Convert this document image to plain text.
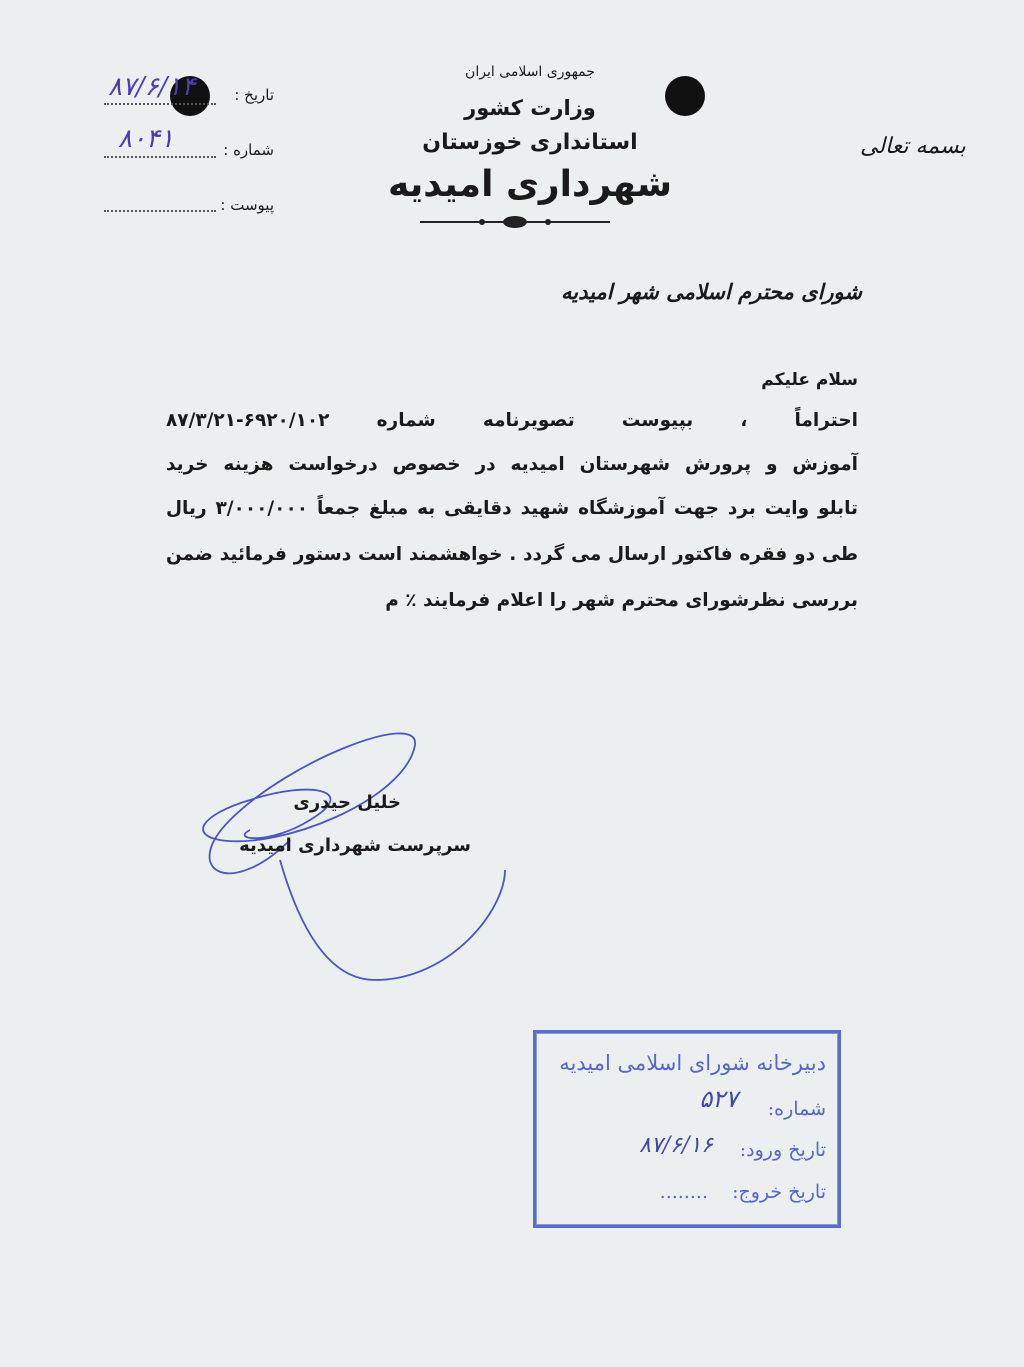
جمهوری اسلامی ایران
وزارت کشور
استانداری خوزستان
شهرداری امیدیه
بسمه تعالی
تاریخ :
۸۷/۶/۱۴
شماره :
۸۰۴۱
پیوست :
شورای محترم اسلامی شهر امیدیه
سلام علیکم
احتراماً ، بپیوست تصویرنامه شماره ۶۹۲۰/۱۰۲-۸۷/۳/۲۱
آموزش و پرورش شهرستان امیدیه در خصوص درخواست هزینه خرید
تابلو وایت برد جهت آموزشگاه شهید دقایقی به مبلغ جمعاً ۳/۰۰۰/۰۰۰ ریال
طی دو فقره فاکتور ارسال می گردد . خواهشمند است دستور فرمائید ضمن
بررسی نظرشورای محترم شهر را اعلام فرمایند ٪ م
خلیل حیدری
سرپرست شهرداری امیدیه
دبیرخانه شورای اسلامی امیدیه
شماره:
۵۲۷
تاریخ ورود:
۸۷/۶/۱۶
تاریخ خروج:
........
